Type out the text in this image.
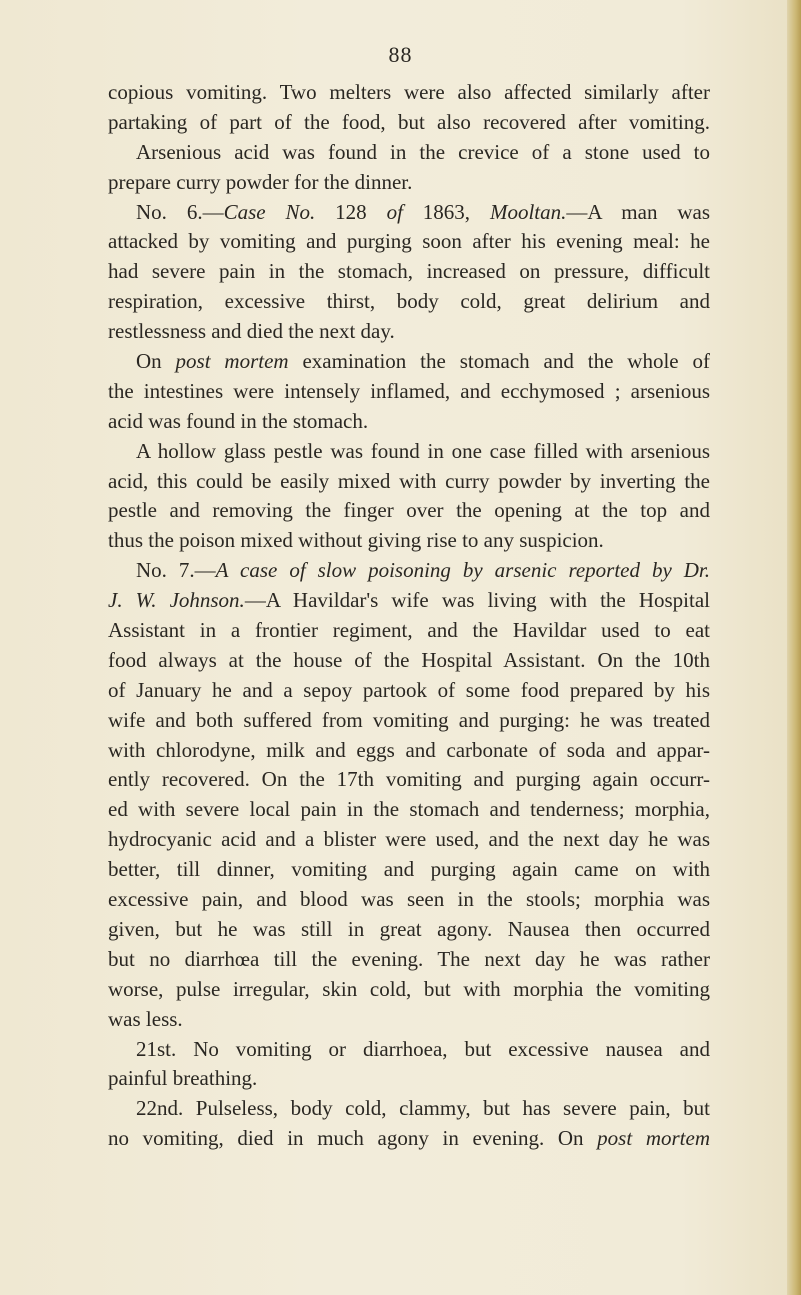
88
copious vomiting. Two melters were also affected similarly after
partaking of part of the food, but also recovered after vomiting.
Arsenious acid was found in the crevice of a stone used to
prepare curry powder for the dinner.
No. 6.—Case No. 128 of 1863, Mooltan.—A man was
attacked by vomiting and purging soon after his evening meal: he
had severe pain in the stomach, increased on pressure, difficult
respiration, excessive thirst, body cold, great delirium and
restlessness and died the next day.
On post mortem examination the stomach and the whole of
the intestines were intensely inflamed, and ecchymosed ; arsenious
acid was found in the stomach.
A hollow glass pestle was found in one case filled with arsenious
acid, this could be easily mixed with curry powder by inverting the
pestle and removing the finger over the opening at the top and
thus the poison mixed without giving rise to any suspicion.
No. 7.—A case of slow poisoning by arsenic reported by Dr.
J. W. Johnson.—A Havildar's wife was living with the Hospital
Assistant in a frontier regiment, and the Havildar used to eat
food always at the house of the Hospital Assistant. On the 10th
of January he and a sepoy partook of some food prepared by his
wife and both suffered from vomiting and purging: he was treated
with chlorodyne, milk and eggs and carbonate of soda and appar-
ently recovered. On the 17th vomiting and purging again occurr-
ed with severe local pain in the stomach and tenderness; morphia,
hydrocyanic acid and a blister were used, and the next day he was
better, till dinner, vomiting and purging again came on with
excessive pain, and blood was seen in the stools; morphia was
given, but he was still in great agony. Nausea then occurred
but no diarrhœa till the evening. The next day he was rather
worse, pulse irregular, skin cold, but with morphia the vomiting
was less.
21st. No vomiting or diarrhoea, but excessive nausea and
painful breathing.
22nd. Pulseless, body cold, clammy, but has severe pain, but
no vomiting, died in much agony in evening. On post mortem
